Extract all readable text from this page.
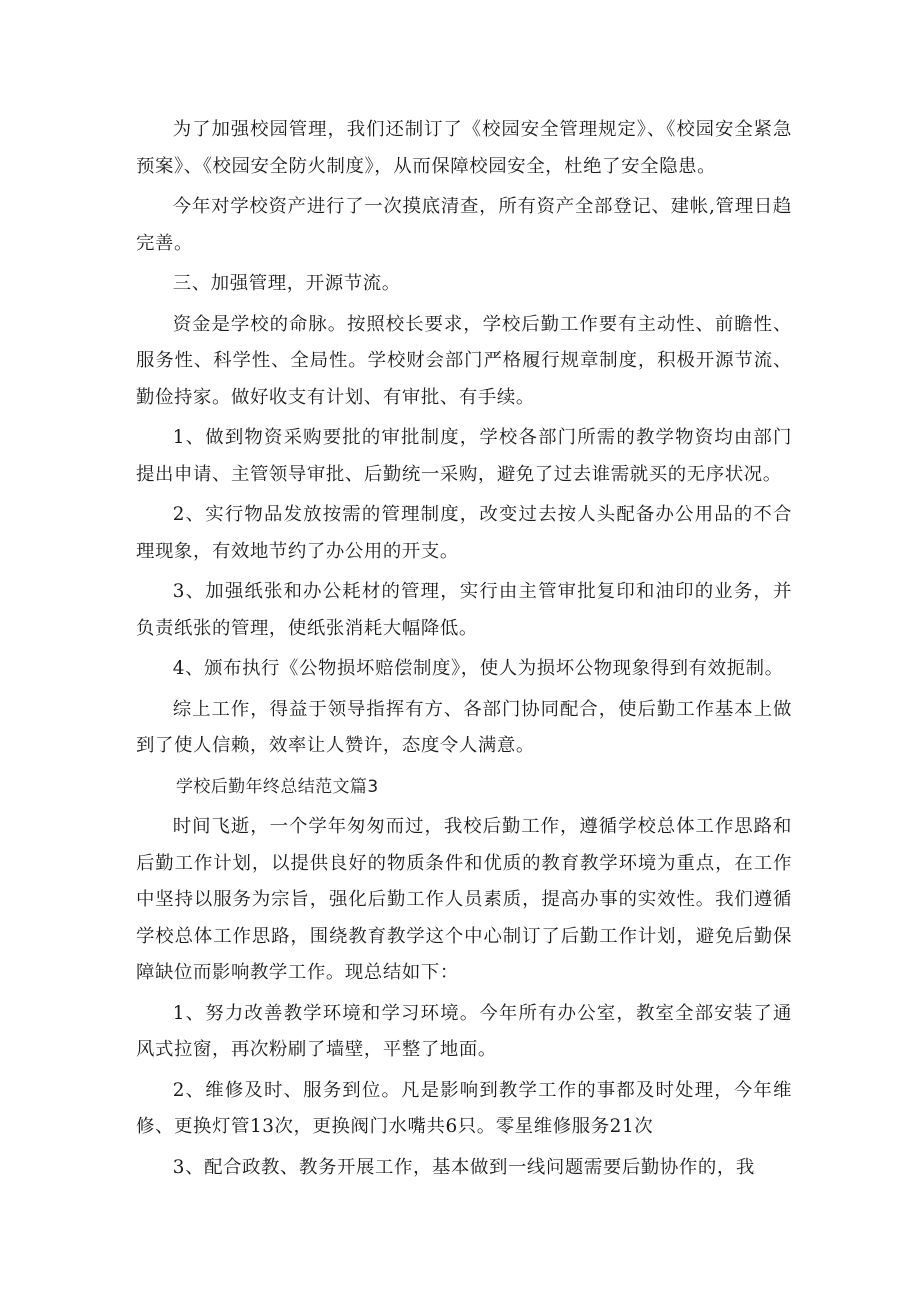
为了加强校园管理，我们还制订了《校园安全管理规定》、《校园安全紧急预案》、《校园安全防火制度》，从而保障校园安全，杜绝了安全隐患。

今年对学校资产进行了一次摸底清查，所有资产全部登记、建帐,管理日趋完善。

三、加强管理，开源节流。

资金是学校的命脉。按照校长要求，学校后勤工作要有主动性、前瞻性、服务性、科学性、全局性。学校财会部门严格履行规章制度，积极开源节流、勤俭持家。做好收支有计划、有审批、有手续。

1、做到物资采购要批的审批制度，学校各部门所需的教学物资均由部门提出申请、主管领导审批、后勤统一采购，避免了过去谁需就买的无序状况。

2、实行物品发放按需的管理制度，改变过去按人头配备办公用品的不合理现象，有效地节约了办公用的开支。

3、加强纸张和办公耗材的管理，实行由主管审批复印和油印的业务，并负责纸张的管理，使纸张消耗大幅降低。

4、颁布执行《公物损坏赔偿制度》，使人为损坏公物现象得到有效扼制。

综上工作，得益于领导指挥有方、各部门协同配合，使后勤工作基本上做到了使人信赖，效率让人赞许，态度令人满意。

学校后勤年终总结范文篇3

时间飞逝，一个学年匆匆而过，我校后勤工作，遵循学校总体工作思路和后勤工作计划，以提供良好的物质条件和优质的教育教学环境为重点，在工作中坚持以服务为宗旨，强化后勤工作人员素质，提高办事的实效性。我们遵循学校总体工作思路，围绕教育教学这个中心制订了后勤工作计划，避免后勤保障缺位而影响教学工作。现总结如下：

1、努力改善教学环境和学习环境。今年所有办公室，教室全部安装了通风式拉窗，再次粉刷了墙壁，平整了地面。

2、维修及时、服务到位。凡是影响到教学工作的事都及时处理，今年维修、更换灯管13次，更换阀门水嘴共6只。零星维修服务21次

3、配合政教、教务开展工作，基本做到一线问题需要后勤协作的，我
